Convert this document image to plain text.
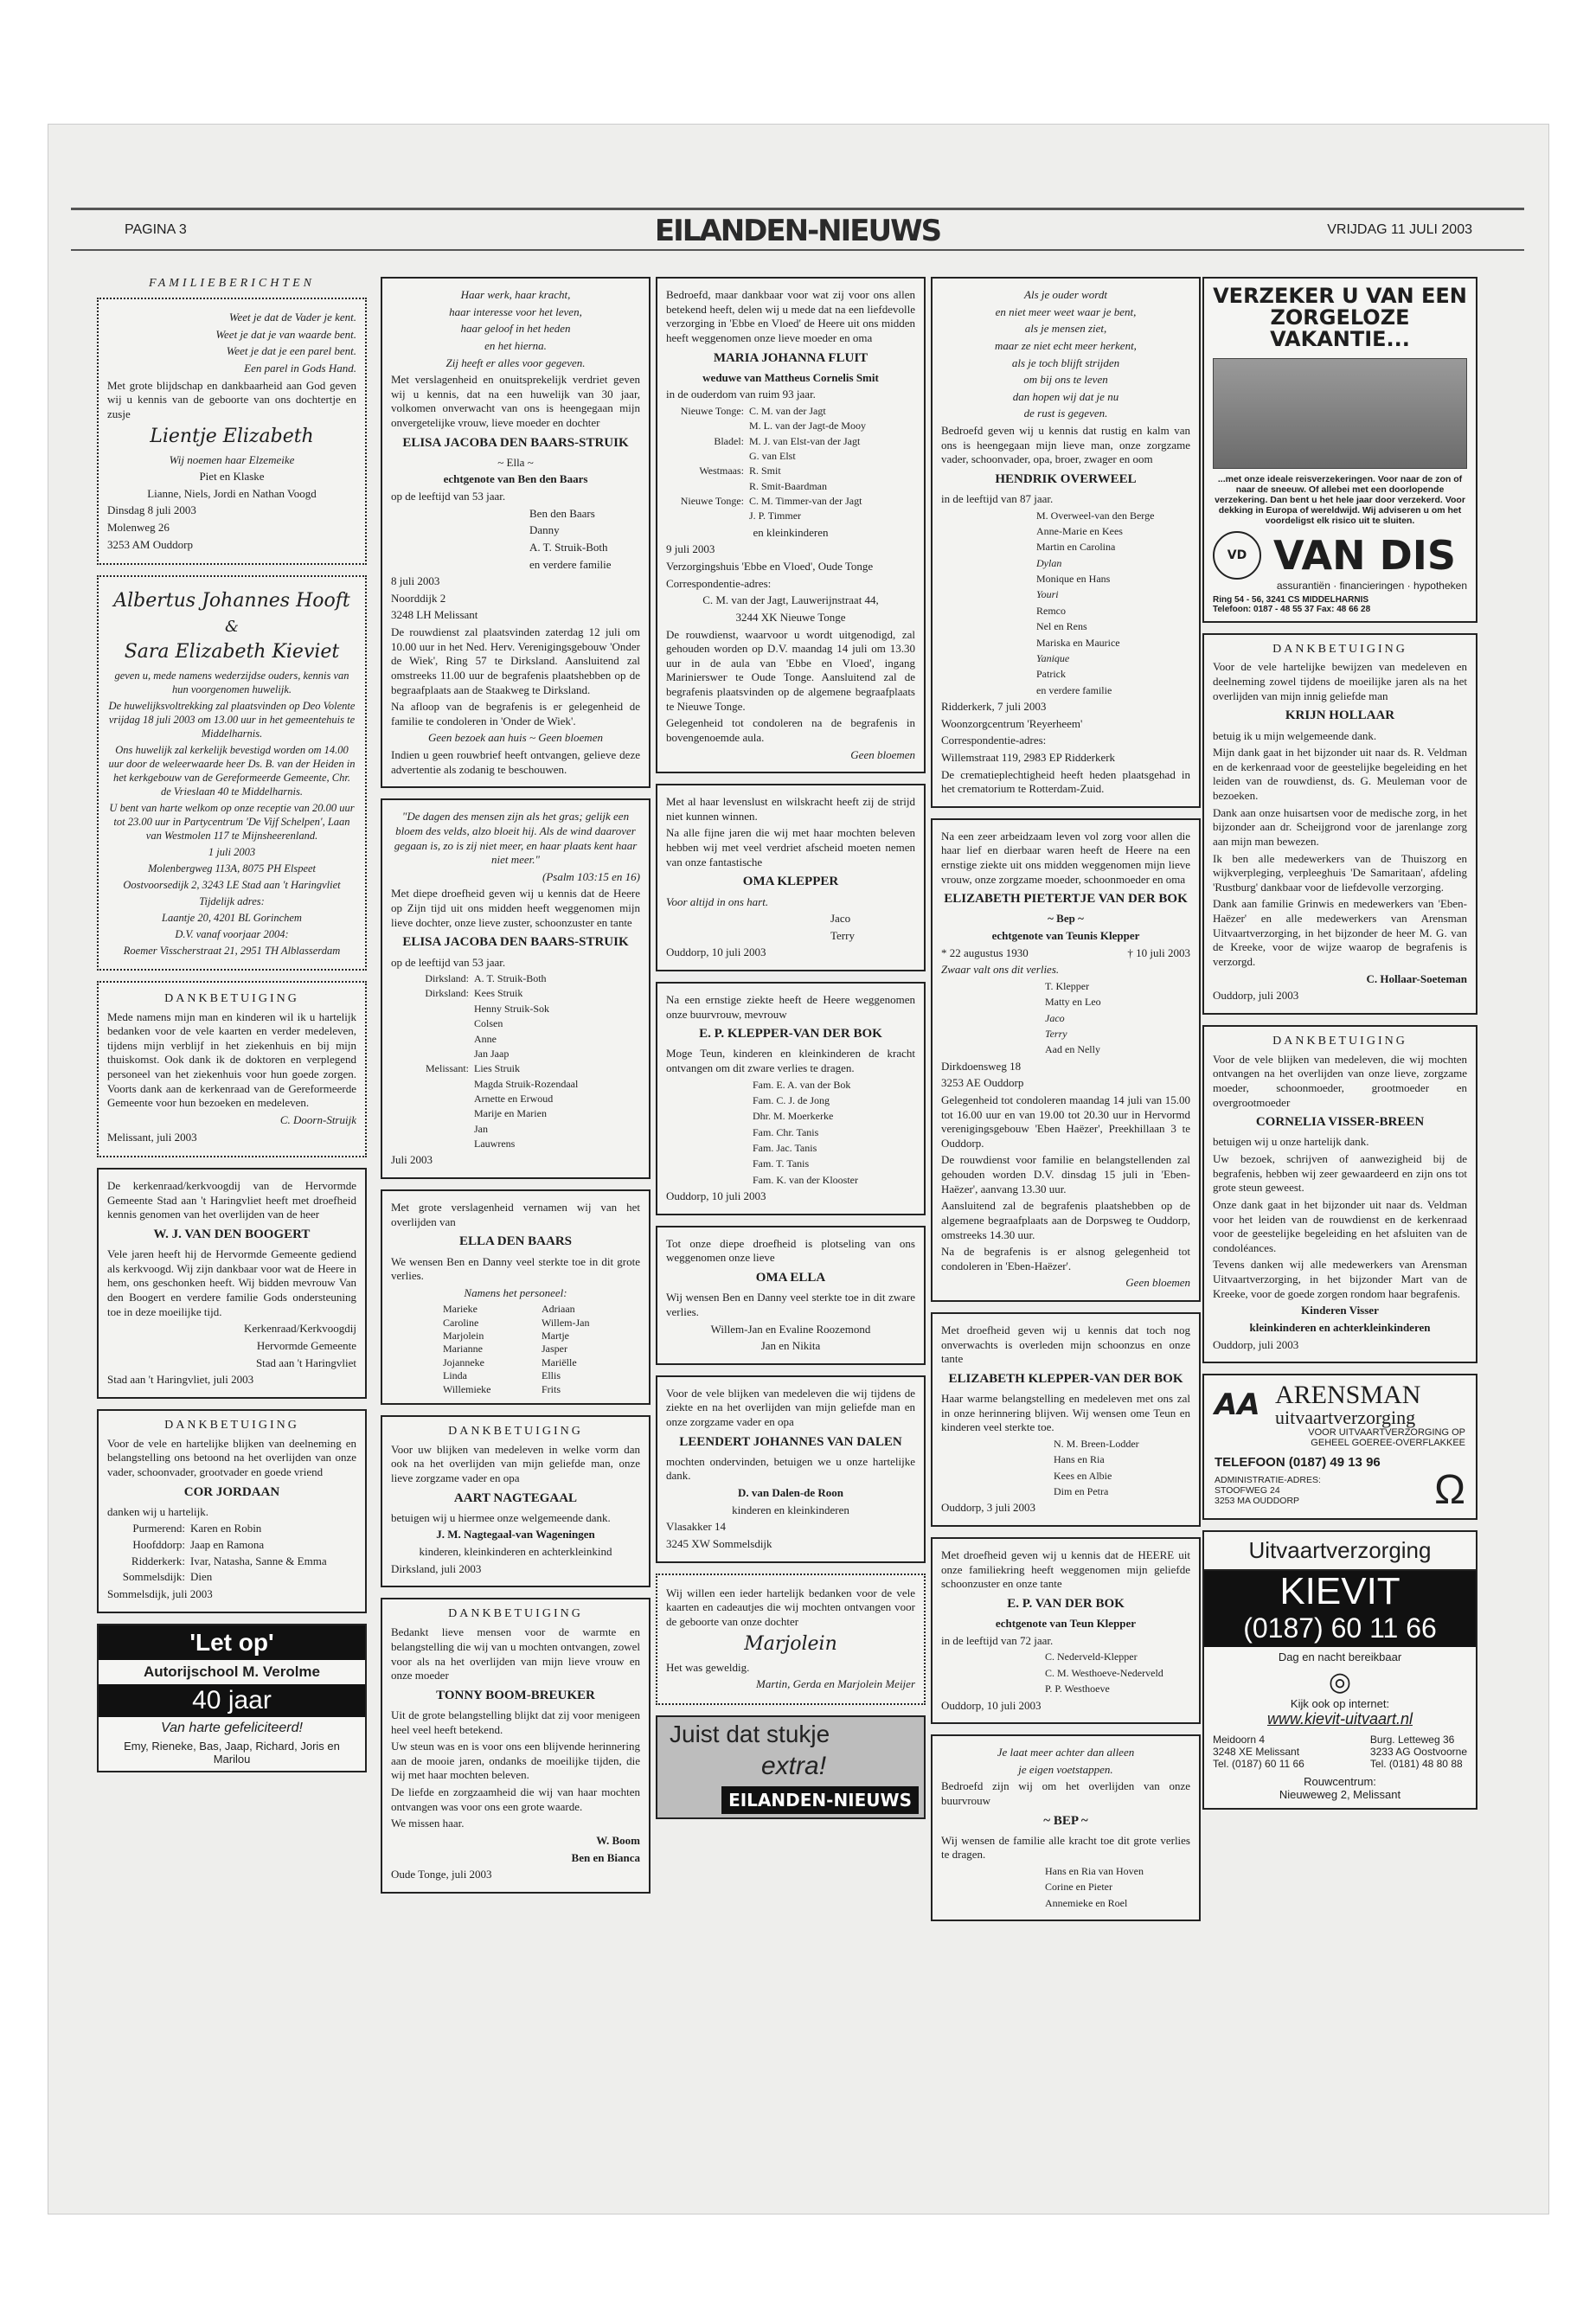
PAGINA 3	EILANDEN-NIEUWS	VRIJDAG 11 JULI 2003
FAMILIEBERICHTEN

Weet je dat de Vader je kent.

Weet je dat je van waarde bent.

Weet je dat je een parel bent.

Een parel in Gods Hand.

Met grote blijdschap en dankbaarheid aan God geven wij u kennis van de geboorte van ons dochtertje en zusje

Lientje Elizabeth

Wij noemen haar Elzemeike

Piet en Klaske

Lianne, Niels, Jordi en Nathan Voogd

Dinsdag 8 juli 2003

Molenweg 26

3253 AM Ouddorp

Albertus Johannes Hooft
&
Sara Elizabeth Kieviet

geven u, mede namens wederzijdse ouders, kennis van hun voorgenomen huwelijk.

De huwelijksvoltrekking zal plaatsvinden op Deo Volente vrijdag 18 juli 2003 om 13.00 uur in het gemeentehuis te Middelharnis.

Ons huwelijk zal kerkelijk bevestigd worden om 14.00 uur door de weleerwaarde heer Ds. B. van der Heiden in het kerkgebouw van de Gereformeerde Gemeente, Chr. de Vrieslaan 40 te Middelharnis.

U bent van harte welkom op onze receptie van 20.00 uur tot 23.00 uur in Partycentrum 'De Vijf Schelpen', Laan van Westmolen 117 te Mijnsheerenland.

1 juli 2003

Molenbergweg 113A, 8075 PH Elspeet

Oostvoorsedijk 2, 3243 LE Stad aan 't Haringvliet

Tijdelijk adres:

Laantje 20, 4201 BL Gorinchem

D.V. vanaf voorjaar 2004:

Roemer Visscherstraat 21, 2951 TH Alblasserdam

DANKBETUIGING

Mede namens mijn man en kinderen wil ik u hartelijk bedanken voor de vele kaarten en verder medeleven, tijdens mijn verblijf in het ziekenhuis en bij mijn thuiskomst. Ook dank ik de doktoren en verplegend personeel van het ziekenhuis voor hun goede zorgen. Voorts dank aan de kerkenraad van de Gereformeerde Gemeente voor hun bezoeken en medeleven.

C. Doorn-Struijk

Melissant, juli 2003

De kerkenraad/kerkvoogdij van de Hervormde Gemeente Stad aan 't Haringvliet heeft met droefheid kennis genomen van het overlijden van de heer

W. J. VAN DEN BOOGERT

Vele jaren heeft hij de Hervormde Gemeente gediend als kerkvoogd. Wij zijn dankbaar voor wat de Heere in hem, ons geschonken heeft. Wij bidden mevrouw Van den Boogert en verdere familie Gods ondersteuning toe in deze moeilijke tijd.

Kerkenraad/Kerkvoogdij

Hervormde Gemeente

Stad aan 't Haringvliet

Stad aan 't Haringvliet, juli 2003

DANKBETUIGING

Voor de vele en hartelijke blijken van deelneming en belangstelling ons betoond na het overlijden van onze vader, schoonvader, grootvader en goede vriend

COR JORDAAN

danken wij u hartelijk.

Purmerend: Karen en Robin
Hoofddorp: Jaap en Ramona
Ridderkerk: Ivar, Natasha, Sanne & Emma
Sommelsdijk: Dien

Sommelsdijk, juli 2003

'Let op'
Autorijschool M. Verolme
40 jaar
Van harte gefeliciteerd!
Emy, Rieneke, Bas, Jaap, Richard, Joris en Marilou

Haar werk, haar kracht,

haar interesse voor het leven,

haar geloof in het heden

en het hierna.

Zij heeft er alles voor gegeven.

Met verslagenheid en onuitsprekelijk verdriet geven wij u kennis, dat na een huwelijk van 30 jaar, volkomen onverwacht van ons is heengegaan mijn onvergetelijke vrouw, lieve moeder en dochter

ELISA JACOBA DEN BAARS-STRUIK

~ Ella ~

echtgenote van Ben den Baars

op de leeftijd van 53 jaar.

Ben den Baars

Danny

A. T. Struik-Both

en verdere familie

8 juli 2003

Noorddijk 2

3248 LH Melissant

De rouwdienst zal plaatsvinden zaterdag 12 juli om 10.00 uur in het Ned. Herv. Verenigingsgebouw 'Onder de Wiek', Ring 57 te Dirksland. Aansluitend zal omstreeks 11.00 uur de begrafenis plaatshebben op de begraafplaats aan de Staakweg te Dirksland.

Na afloop van de begrafenis is er gelegenheid de familie te condoleren in 'Onder de Wiek'.

Geen bezoek aan huis ~ Geen bloemen

Indien u geen rouwbrief heeft ontvangen, gelieve deze advertentie als zodanig te beschouwen.

"De dagen des mensen zijn als het gras; gelijk een bloem des velds, alzo bloeit hij. Als de wind daarover gegaan is, zo is zij niet meer, en haar plaats kent haar niet meer."

(Psalm 103:15 en 16)

Met diepe droefheid geven wij u kennis dat de Heere op Zijn tijd uit ons midden heeft weggenomen mijn lieve dochter, onze lieve zuster, schoonzuster en tante

ELISA JACOBA DEN BAARS-STRUIK

op de leeftijd van 53 jaar.

Dirksland: A. T. Struik-Both
Dirksland: Kees Struik
Henny Struik-Sok
Colsen
Anne
Jan Jaap
Melissant: Lies Struik
Magda Struik-Rozendaal
Arnette en Erwoud
Marije en Marien
Jan
Lauwrens

Juli 2003

Met grote verslagenheid vernamen wij van het overlijden van

ELLA DEN BAARS

We wensen Ben en Danny veel sterkte toe in dit grote verlies.

Namens het personeel:

Marieke	Adriaan
Caroline	Willem-Jan
Marjolein	Martje
Marianne	Jasper
Jojanneke	Mariëlle
Linda	Ellis
Willemieke	Frits
DANKBETUIGING

Voor uw blijken van medeleven in welke vorm dan ook na het overlijden van mijn geliefde man, onze lieve zorgzame vader en opa

AART NAGTEGAAL

betuigen wij u hiermee onze welgemeende dank.

J. M. Nagtegaal-van Wageningen

kinderen, kleinkinderen en achterkleinkind

Dirksland, juli 2003

DANKBETUIGING

Bedankt lieve mensen voor de warmte en belangstelling die wij van u mochten ontvangen, zowel voor als na het overlijden van mijn lieve vrouw en onze moeder

TONNY BOOM-BREUKER

Uit de grote belangstelling blijkt dat zij voor menigeen heel veel heeft betekend.

Uw steun was en is voor ons een blijvende herinnering aan de mooie jaren, ondanks de moeilijke tijden, die wij met haar mochten beleven.

De liefde en zorgzaamheid die wij van haar mochten ontvangen was voor ons een grote waarde.

We missen haar.

W. Boom

Ben en Bianca

Oude Tonge, juli 2003

Bedroefd, maar dankbaar voor wat zij voor ons allen betekend heeft, delen wij u mede dat na een liefdevolle verzorging in 'Ebbe en Vloed' de Heere uit ons midden heeft weggenomen onze lieve moeder en oma

MARIA JOHANNA FLUIT

weduwe van Mattheus Cornelis Smit

in de ouderdom van ruim 93 jaar.

Nieuwe Tonge: C. M. van der Jagt
M. L. van der Jagt-de Mooy
Bladel: M. J. van Elst-van der Jagt
G. van Elst
Westmaas: R. Smit
R. Smit-Baardman
Nieuwe Tonge: C. M. Timmer-van der Jagt
J. P. Timmer

en kleinkinderen

9 juli 2003

Verzorgingshuis 'Ebbe en Vloed', Oude Tonge

Correspondentie-adres:

C. M. van der Jagt, Lauwerijnstraat 44,

3244 XK Nieuwe Tonge

De rouwdienst, waarvoor u wordt uitgenodigd, zal gehouden worden op D.V. maandag 14 juli om 13.30 uur in de aula van 'Ebbe en Vloed', ingang Marinierswег te Oude Tonge. Aansluitend zal de begrafenis plaatsvinden op de algemene begraafplaats te Nieuwe Tonge.

Gelegenheid tot condoleren na de begrafenis in bovengenoemde aula.

Geen bloemen

Met al haar levenslust en wilskracht heeft zij de strijd niet kunnen winnen.

Na alle fijne jaren die wij met haar mochten beleven hebben wij met veel verdriet afscheid moeten nemen van onze fantastische

OMA KLEPPER

Voor altijd in ons hart.

Jaco

Terry

Ouddorp, 10 juli 2003

Na een ernstige ziekte heeft de Heere weggenomen onze buurvrouw, mevrouw

E. P. KLEPPER-VAN DER BOK

Moge Teun, kinderen en kleinkinderen de kracht ontvangen om dit zware verlies te dragen.

Fam. E. A. van der Bok

Fam. C. J. de Jong

Dhr. M. Moerkerke

Fam. Chr. Tanis

Fam. Jac. Tanis

Fam. T. Tanis

Fam. K. van der Klooster

Ouddorp, 10 juli 2003

Tot onze diepe droefheid is plotseling van ons weggenomen onze lieve

OMA ELLA

Wij wensen Ben en Danny veel sterkte toe in dit zware verlies.

Willem-Jan en Evaline Roozemond

Jan en Nikita

Voor de vele blijken van medeleven die wij tijdens de ziekte en na het overlijden van mijn geliefde man en onze zorgzame vader en opa

LEENDERT JOHANNES VAN DALEN

mochten ondervinden, betuigen we u onze hartelijke dank.

D. van Dalen-de Roon

kinderen en kleinkinderen

Vlasakker 14

3245 XW Sommelsdijk

Wij willen een ieder hartelijk bedanken voor de vele kaarten en cadeautjes die wij mochten ontvangen voor de geboorte van onze dochter

Marjolein

Het was geweldig.

Martin, Gerda en Marjolein Meijer

Juist dat stukje
extra!
EILANDEN-NIEUWS

Als je ouder wordt

en niet meer weet waar je bent,

als je mensen ziet,

maar ze niet echt meer herkent,

als je toch blijft strijden

om bij ons te leven

dan hopen wij dat je nu

de rust is gegeven.

Bedroefd geven wij u kennis dat rustig en kalm van ons is heengegaan mijn lieve man, onze zorgzame vader, schoonvader, opa, broer, zwager en oom

HENDRIK OVERWEEL

in de leeftijd van 87 jaar.

M. Overweel-van den Berge

Anne-Marie en Kees

Martin en Carolina

Dylan

Monique en Hans

Youri

Remco

Nel en Rens

Mariska en Maurice

Yanique

Patrick

en verdere familie

Ridderkerk, 7 juli 2003

Woonzorgcentrum 'Reyerheem'

Correspondentie-adres:

Willemstraat 119, 2983 EP Ridderkerk

De crematieplechtigheid heeft heden plaatsgehad in het crematorium te Rotterdam-Zuid.

Na een zeer arbeidzaam leven vol zorg voor allen die haar lief en dierbaar waren heeft de Heere na een ernstige ziekte uit ons midden weggenomen mijn lieve vrouw, onze zorgzame moeder, schoonmoeder en oma

ELIZABETH PIETERTJE VAN DER BOK

~ Bep ~

echtgenote van Teunis Klepper

* 22 augustus 1930	† 10 juli 2003

Zwaar valt ons dit verlies.

T. Klepper

Matty en Leo

Jaco

Terry

Aad en Nelly

Dirkdoensweg 18

3253 AE Ouddorp

Gelegenheid tot condoleren maandag 14 juli van 15.00 tot 16.00 uur en van 19.00 tot 20.30 uur in Hervormd verenigingsgebouw 'Eben Haëzer', Preekhillaan 3 te Ouddorp.

De rouwdienst voor familie en belangstellenden zal gehouden worden D.V. dinsdag 15 juli in 'Eben-Haëzer', aanvang 13.30 uur.

Aansluitend zal de begrafenis plaatshebben op de algemene begraafplaats aan de Dorpsweg te Ouddorp, omstreeks 14.30 uur.

Na de begrafenis is er alsnog gelegenheid tot condoleren in 'Eben-Haëzer'.

Geen bloemen

Met droefheid geven wij u kennis dat toch nog onverwachts is overleden mijn schoonzus en onze tante

ELIZABETH KLEPPER-VAN DER BOK

Haar warme belangstelling en medeleven met ons zal in onze herinnering blijven. Wij wensen ome Teun en kinderen veel sterkte toe.

N. M. Breen-Lodder

Hans en Ria

Kees en Albie

Dim en Petra

Ouddorp, 3 juli 2003

Met droefheid geven wij u kennis dat de HEERE uit onze familiekring heeft weggenomen mijn geliefde schoonzuster en onze tante

E. P. VAN DER BOK

echtgenote van Teun Klepper

in de leeftijd van 72 jaar.

C. Nederveld-Klepper

C. M. Westhoeve-Nederveld

P. P. Westhoeve

Ouddorp, 10 juli 2003

Je laat meer achter dan alleen

je eigen voetstappen.

Bedroefd zijn wij om het overlijden van onze buurvrouw

~ BEP ~

Wij wensen de familie alle kracht toe dit grote verlies te dragen.

Hans en Ria van Hoven

Corine en Pieter

Annemieke en Roel

VERZEKER U VAN EEN ZORGELOZE VAKANTIE...
...met onze ideale reisverzekeringen. Voor naar de zon of naar de sneeuw. Of allebei met een doorlopende verzekering. Dan bent u het hele jaar door verzekerd. Voor dekking in Europa of wereldwijd. Wij adviseren u om het voordeligst elk risico uit te sluiten.
VD VAN DIS
assurantiën · financieringen · hypotheken
Ring 54 - 56, 3241 CS MIDDELHARNIS
Telefoon: 0187 - 48 55 37 Fax: 48 66 28
DANKBETUIGING

Voor de vele hartelijke bewijzen van medeleven en deelneming zowel tijdens de moeilijke jaren als na het overlijden van mijn innig geliefde man

KRIJN HOLLAAR

betuig ik u mijn welgemeende dank.

Mijn dank gaat in het bijzonder uit naar ds. R. Veldman en de kerkenraad voor de geestelijke begeleiding en het leiden van de rouwdienst, ds. G. Meuleman voor de bezoeken.

Dank aan onze huisartsen voor de medische zorg, in het bijzonder aan dr. Scheijgrond voor de jarenlange zorg aan mijn man bewezen.

Ik ben alle medewerkers van de Thuiszorg en wijkverpleging, verpleeghuis 'De Samaritaan', afdeling 'Rustburg' dankbaar voor de liefdevolle verzorging.

Dank aan familie Grinwis en medewerkers van 'Eben-Haëzer' en alle medewerkers van Arensman Uitvaartverzorging, in het bijzonder de heer M. G. van de Kreeke, voor de wijze waarop de begrafenis is verzorgd.

C. Hollaar-Soeteman

Ouddorp, juli 2003

DANKBETUIGING

Voor de vele blijken van medeleven, die wij mochten ontvangen na het overlijden van onze lieve, zorgzame moeder, schoonmoeder, grootmoeder en overgrootmoeder

CORNELIA VISSER-BREEN

betuigen wij u onze hartelijk dank.

Uw bezoek, schrijven of aanwezigheid bij de begrafenis, hebben wij zeer gewaardeerd en zijn ons tot grote steun geweest.

Onze dank gaat in het bijzonder uit naar ds. Veldman voor het leiden van de rouwdienst en de kerkenraad voor de geestelijke begeleiding en het afsluiten van de condoléances.

Tevens danken wij alle medewerkers van Arensman Uitvaartverzorging, in het bijzonder Mart van de Kreeke, voor de goede zorgen rondom haar begrafenis.

Kinderen Visser

kleinkinderen en achterkleinkinderen

Ouddorp, juli 2003

AA ARENSMAN
uitvaartverzorging
VOOR UITVAARTVERZORGING OP
GEHEEL GOEREE-OVERFLAKKEE
TELEFOON (0187) 49 13 96
ADMINISTRATIE-ADRES:
STOOFWEG 24
3253 MA OUDDORP	Ω
Uitvaartverzorging
KIEVIT
(0187) 60 11 66
Dag en nacht bereikbaar
◎
Kijk ook op internet:
www.kievit-uitvaart.nl
Meidoorn 4
3248 XE Melissant
Tel. (0187) 60 11 66
Burg. Letteweg 36
3233 AG Oostvoorne
Tel. (0181) 48 80 88
Rouwcentrum:
Nieuweweg 2, Melissant
